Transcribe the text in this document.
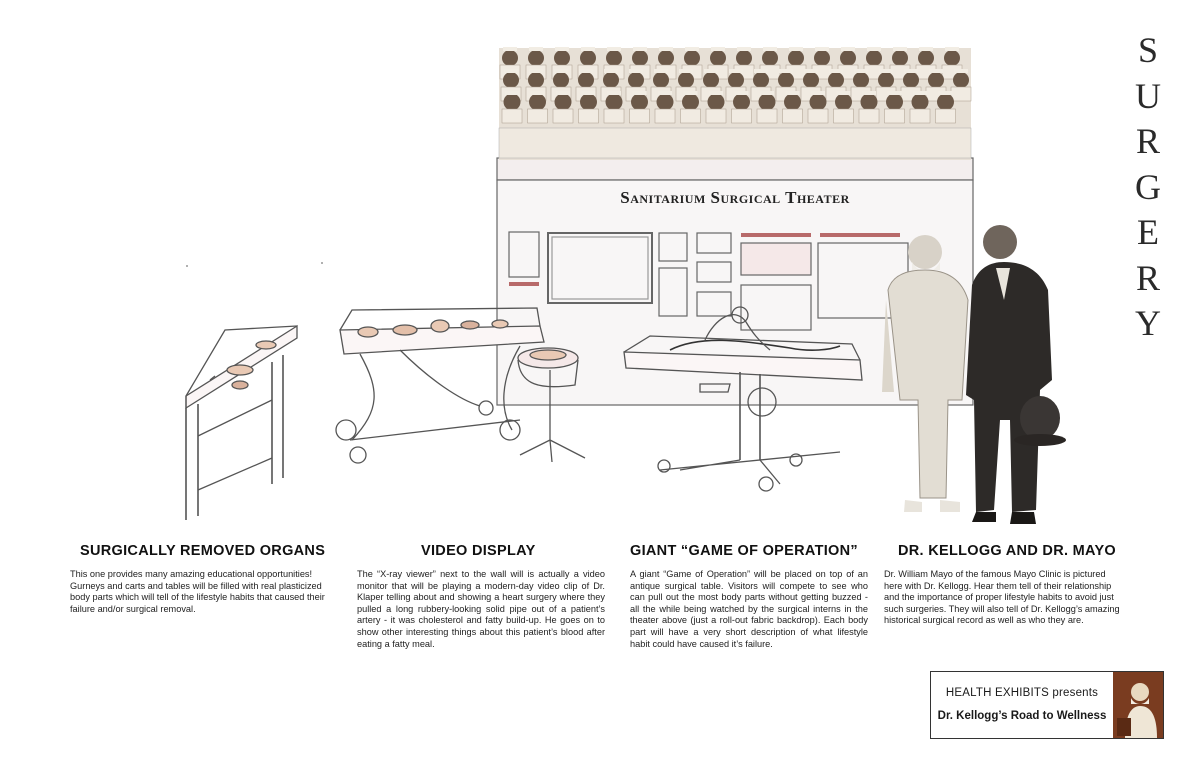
S
U
R
G
E
R
Y
Sanitarium Surgical Theater
SURGICALLY REMOVED ORGANS

This one provides many amazing educational opportunities! Gurneys and carts and tables will be filled with real plasticized body parts which will tell of the lifestyle habits that caused their failure and/or surgical removal.

VIDEO DISPLAY

The “X-ray viewer” next to the wall will is actually a video monitor that will be playing a modern-day video clip of Dr. Klaper telling about and showing a heart surgery where they pulled a long rubbery-looking solid pipe out of a patient’s artery - it was cholesterol and fatty build-up. He goes on to show other interesting things about this patient’s blood after eating a fatty meal.

GIANT “GAME OF OPERATION”

A giant “Game of Operation” will be placed on top of an antique surgical table. Visitors will compete to see who can pull out the most body parts without getting buzzed - all the while being watched by the surgical interns in the theater above (just a roll-out fabric backdrop). Each body part will have a very short description of what lifestyle habit could have caused it’s failure.

DR. KELLOGG AND DR. MAYO

Dr. William Mayo of the famous Mayo Clinic is pictured here with Dr. Kellogg. Hear them tell of their relationship and the importance of proper lifestyle habits to avoid just such surgeries. They will also tell of Dr. Kellogg’s amazing historical surgical record as well as who they are.

HEALTH EXHIBITS presents
Dr. Kellogg’s Road to Wellness
